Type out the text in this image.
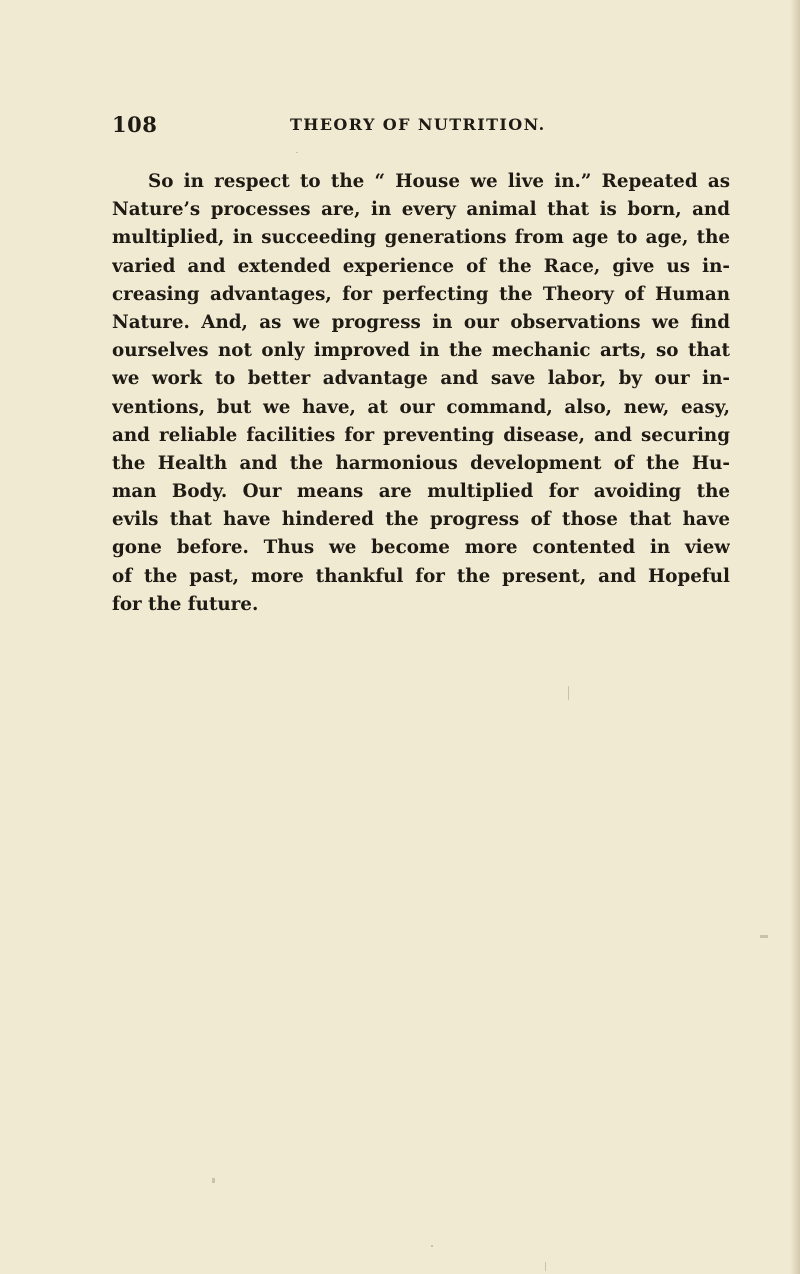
108	THEORY OF NUTRITION.
So in respect to the “ House we live in.” Repeated as
Nature’s processes are, in every animal that is born, and
multiplied, in succeeding generations from age to age, the
varied and extended experience of the Race, give us in-
creasing advantages, for perfecting the Theory of Human
Nature. And, as we progress in our observations we find
ourselves not only improved in the mechanic arts, so that
we work to better advantage and save labor, by our in-
ventions, but we have, at our command, also, new, easy,
and reliable facilities for preventing disease, and securing
the Health and the harmonious development of the Hu-
man Body. Our means are multiplied for avoiding the
evils that have hindered the progress of those that have
gone before. Thus we become more contented in view
of the past, more thankful for the present, and Hopeful
for the future.
